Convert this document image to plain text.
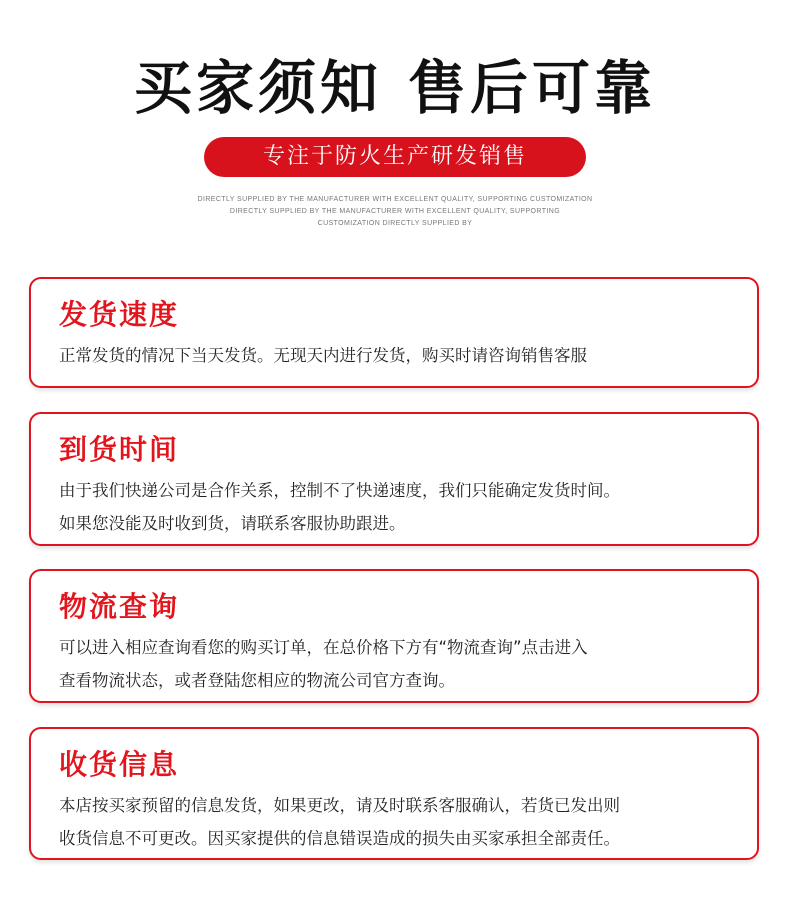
买家须知 售后可靠
专注于防火生产研发销售
DIRECTLY SUPPLIED BY THE MANUFACTURER WITH EXCELLENT QUALITY, SUPPORTING CUSTOMIZATION
DIRECTLY SUPPLIED BY THE MANUFACTURER WITH EXCELLENT QUALITY, SUPPORTING
CUSTOMIZATION DIRECTLY SUPPLIED BY
发货速度
正常发货的情况下当天发货。无现天内进行发货，购买时请咨询销售客服
到货时间
由于我们快递公司是合作关系，控制不了快递速度，我们只能确定发货时间。
如果您没能及时收到货，请联系客服协助跟进。
物流查询
可以进入相应查询看您的购买订单，在总价格下方有“物流查询”点击进入
查看物流状态，或者登陆您相应的物流公司官方查询。
收货信息
本店按买家预留的信息发货，如果更改，请及时联系客服确认，若货已发出则
收货信息不可更改。因买家提供的信息错误造成的损失由买家承担全部责任。
